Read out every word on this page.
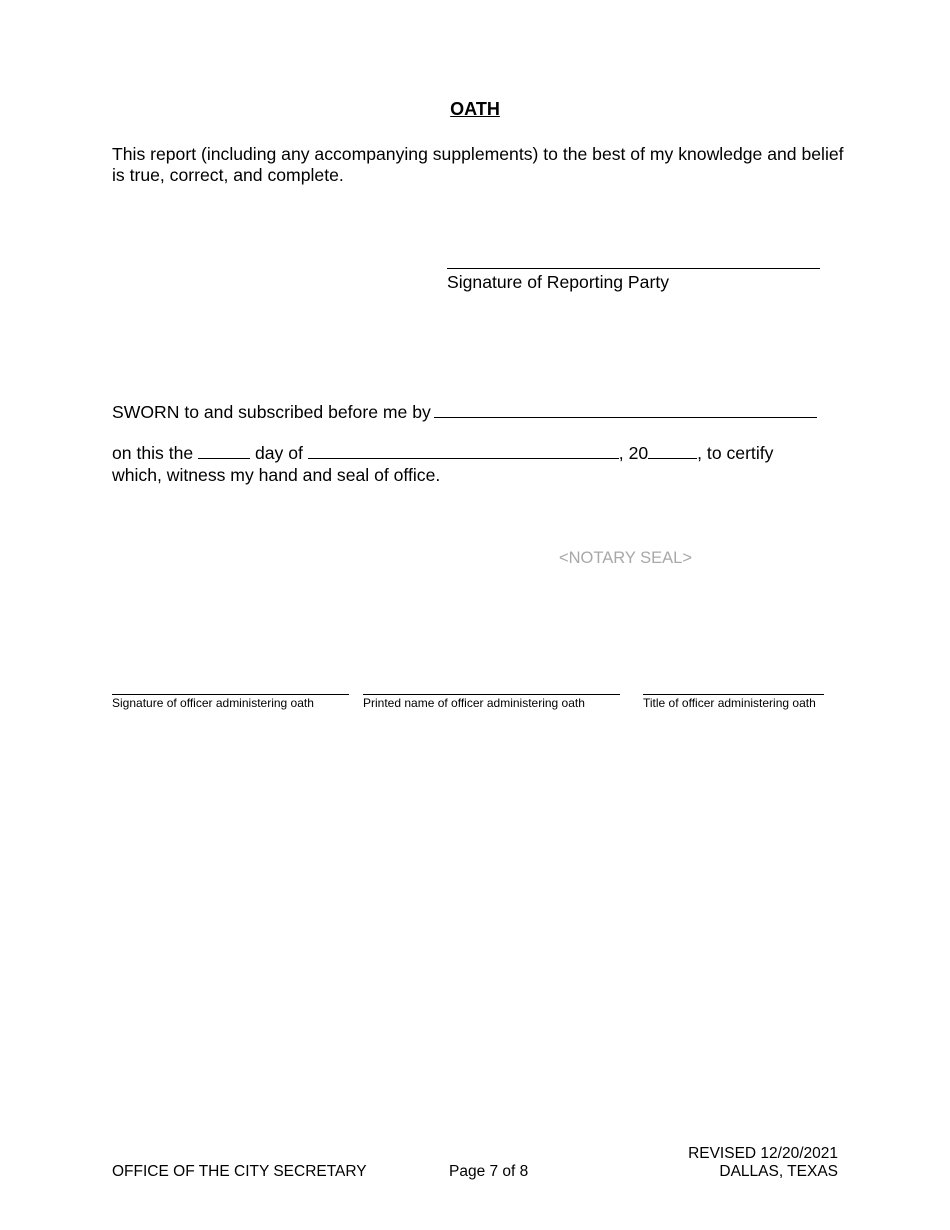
OATH
This report (including any accompanying supplements) to the best of my knowledge and belief is true, correct, and complete.
Signature of Reporting Party
SWORN to and subscribed before me by
on this the	day of	, 20	, to certify
which, witness my hand and seal of office.
<NOTARY SEAL>
Signature of officer administering oath	Printed name of officer administering oath	Title of officer administering oath
OFFICE OF THE CITY SECRETARY	Page 7 of 8
REVISED 12/20/2021
DALLAS, TEXAS
